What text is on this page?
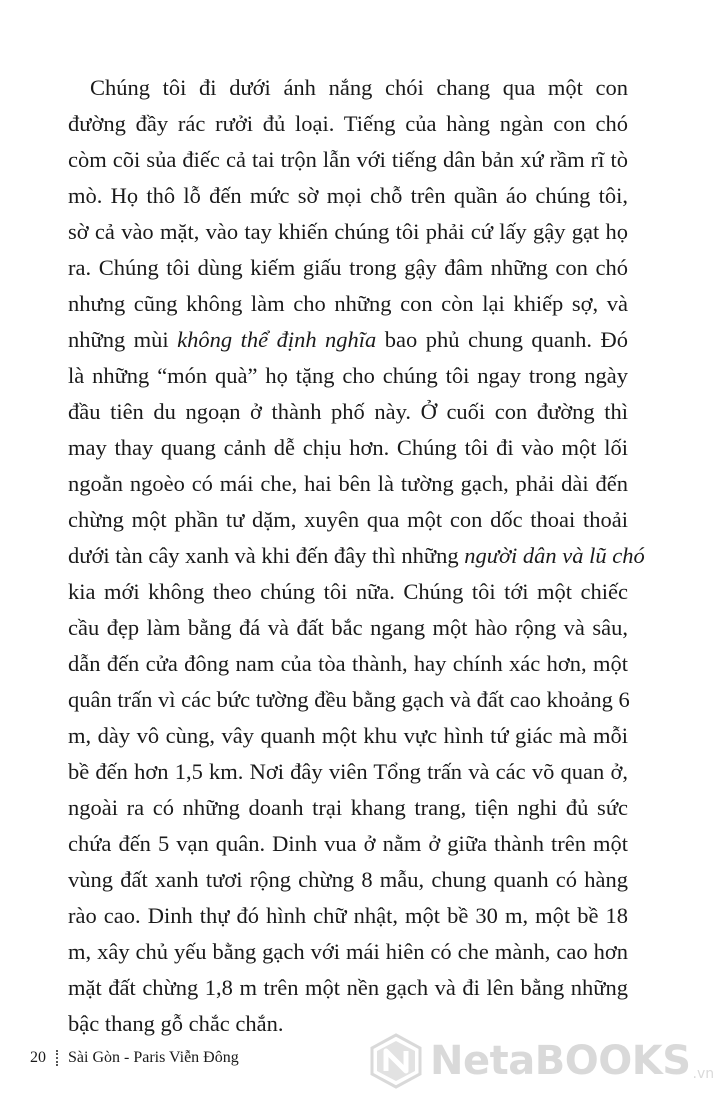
Chúng tôi đi dưới ánh nắng chói chang qua một con
đường đầy rác rưởi đủ loại. Tiếng của hàng ngàn con chó
còm cõi sủa điếc cả tai trộn lẫn với tiếng dân bản xứ rầm rĩ tò
mò. Họ thô lỗ đến mức sờ mọi chỗ trên quần áo chúng tôi,
sờ cả vào mặt, vào tay khiến chúng tôi phải cứ lấy gậy gạt họ
ra. Chúng tôi dùng kiếm giấu trong gậy đâm những con chó
nhưng cũng không làm cho những con còn lại khiếp sợ, và
những mùi không thể định nghĩa bao phủ chung quanh. Đó
là những “món quà” họ tặng cho chúng tôi ngay trong ngày
đầu tiên du ngoạn ở thành phố này. Ở cuối con đường thì
may thay quang cảnh dễ chịu hơn. Chúng tôi đi vào một lối
ngoằn ngoèo có mái che, hai bên là tường gạch, phải dài đến
chừng một phần tư dặm, xuyên qua một con dốc thoai thoải
dưới tàn cây xanh và khi đến đây thì những người dân và lũ chó
kia mới không theo chúng tôi nữa. Chúng tôi tới một chiếc
cầu đẹp làm bằng đá và đất bắc ngang một hào rộng và sâu,
dẫn đến cửa đông nam của tòa thành, hay chính xác hơn, một
quân trấn vì các bức tường đều bằng gạch và đất cao khoảng 6
m, dày vô cùng, vây quanh một khu vực hình tứ giác mà mỗi
bề đến hơn 1,5 km. Nơi đây viên Tổng trấn và các võ quan ở,
ngoài ra có những doanh trại khang trang, tiện nghi đủ sức
chứa đến 5 vạn quân. Dinh vua ở nằm ở giữa thành trên một
vùng đất xanh tươi rộng chừng 8 mẫu, chung quanh có hàng
rào cao. Dinh thự đó hình chữ nhật, một bề 30 m, một bề 18
m, xây chủ yếu bằng gạch với mái hiên có che mành, cao hơn
mặt đất chừng 1,8 m trên một nền gạch và đi lên bằng những
bậc thang gỗ chắc chắn.
20 Sài Gòn - Paris Viễn Đông	NetaBOOKS .vn
